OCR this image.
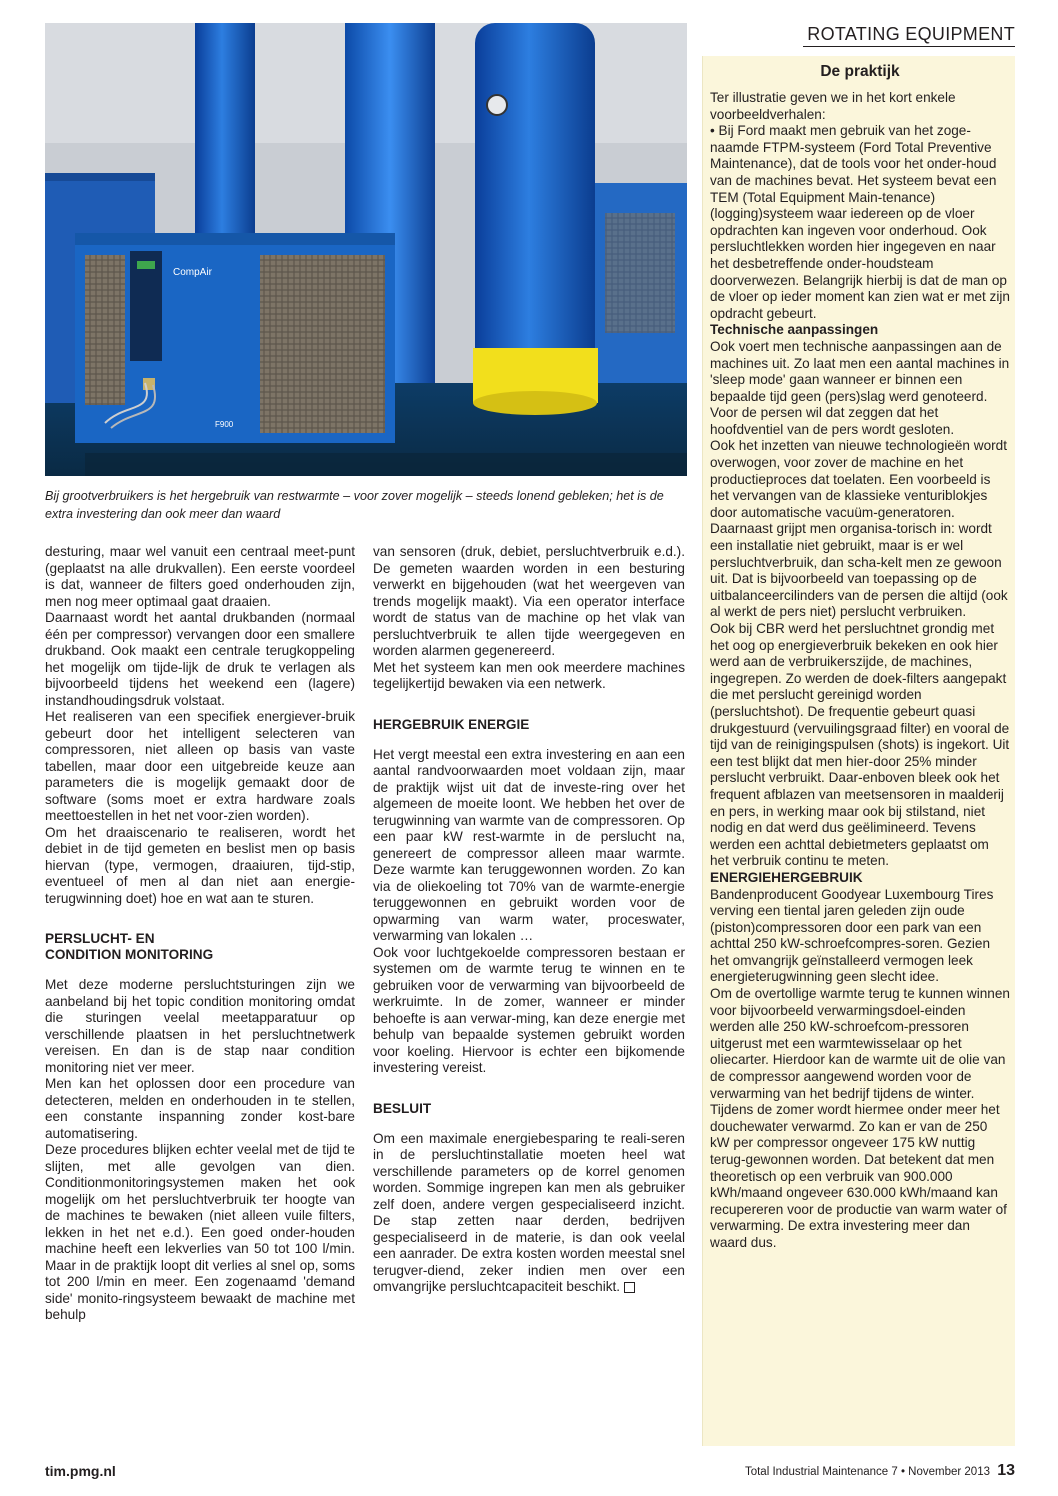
ROTATING EQUIPMENT
CompAir
F900
Bij grootverbruikers is het hergebruik van restwarmte – voor zover mogelijk – steeds lonend gebleken; het is de extra investering dan ook meer dan waard

desturing, maar wel vanuit een centraal meet-punt (geplaatst na alle drukvallen). Een eerste voordeel is dat, wanneer de filters goed onderhouden zijn, men nog meer optimaal gaat draaien.

Daarnaast wordt het aantal drukbanden (normaal één per compressor) vervangen door een smallere drukband. Ook maakt een centrale terugkoppeling het mogelijk om tijde-lijk de druk te verlagen als bijvoorbeeld tijdens het weekend een (lagere) instandhoudingsdruk volstaat.

Het realiseren van een specifiek energiever-bruik gebeurt door het intelligent selecteren van compressoren, niet alleen op basis van vaste tabellen, maar door een uitgebreide keuze aan parameters die is mogelijk gemaakt door de software (soms moet er extra hardware zoals meettoestellen in het net voor-zien worden).

Om het draaiscenario te realiseren, wordt het debiet in de tijd gemeten en beslist men op basis hiervan (type, vermogen, draaiuren, tijd-stip, eventueel of men al dan niet aan energie-terugwinning doet) hoe en wat aan te sturen.

PERSLUCHT- EN
CONDITION MONITORING

Met deze moderne persluchtsturingen zijn we aanbeland bij het topic condition monitoring omdat die sturingen veelal meetapparatuur op verschillende plaatsen in het persluchtnetwerk vereisen. En dan is de stap naar condition monitoring niet ver meer.

Men kan het oplossen door een procedure van detecteren, melden en onderhouden in te stellen, een constante inspanning zonder kost-bare automatisering.

Deze procedures blijken echter veelal met de tijd te slijten, met alle gevolgen van dien. Conditionmonitoringsystemen maken het ook mogelijk om het persluchtverbruik ter hoogte van de machines te bewaken (niet alleen vuile filters, lekken in het net e.d.). Een goed onder-houden machine heeft een lekverlies van 50 tot 100 l/min. Maar in de praktijk loopt dit verlies al snel op, soms tot 200 l/min en meer. Een zogenaamd 'demand side' monito-ringsysteem bewaakt de machine met behulp

van sensoren (druk, debiet, persluchtverbruik e.d.). De gemeten waarden worden in een besturing verwerkt en bijgehouden (wat het weergeven van trends mogelijk maakt). Via een operator interface wordt de status van de machine op het vlak van persluchtverbruik te allen tijde weergegeven en worden alarmen gegenereerd.

Met het systeem kan men ook meerdere machines tegelijkertijd bewaken via een netwerk.

HERGEBRUIK ENERGIE

Het vergt meestal een extra investering en aan een aantal randvoorwaarden moet voldaan zijn, maar de praktijk wijst uit dat de investe-ring over het algemeen de moeite loont. We hebben het over de terugwinning van warmte van de compressoren. Op een paar kW rest-warmte in de perslucht na, genereert de compressor alleen maar warmte. Deze warmte kan teruggewonnen worden. Zo kan via de oliekoeling tot 70% van de warmte-energie teruggewonnen en gebruikt worden voor de opwarming van warm water, proceswater, verwarming van lokalen …

Ook voor luchtgekoelde compressoren bestaan er systemen om de warmte terug te winnen en te gebruiken voor de verwarming van bijvoorbeeld de werkruimte. In de zomer, wanneer er minder behoefte is aan verwar-ming, kan deze energie met behulp van bepaalde systemen gebruikt worden voor koeling. Hiervoor is echter een bijkomende investering vereist.

BESLUIT

Om een maximale energiebesparing te reali-seren in de persluchtinstallatie moeten heel wat verschillende parameters op de korrel genomen worden. Sommige ingrepen kan men als gebruiker zelf doen, andere vergen gespecialiseerd inzicht. De stap zetten naar derden, bedrijven gespecialiseerd in de materie, is dan ook veelal een aanrader. De extra kosten worden meestal snel terugver-diend, zeker indien men over een omvangrijke persluchtcapaciteit beschikt.

De praktijk

Ter illustratie geven we in het kort enkele voorbeeldverhalen:

• Bij Ford maakt men gebruik van het zoge-naamde FTPM-systeem (Ford Total Preventive Maintenance), dat de tools voor het onder-houd van de machines bevat. Het systeem bevat een TEM (Total Equipment Main-tenance) (logging)systeem waar iedereen op de vloer opdrachten kan ingeven voor onderhoud. Ook persluchtlekken worden hier ingegeven en naar het desbetreffende onder-houdsteam doorverwezen. Belangrijk hierbij is dat de man op de vloer op ieder moment kan zien wat er met zijn opdracht gebeurt.

Technische aanpassingen

Ook voert men technische aanpassingen aan de machines uit. Zo laat men een aantal machines in 'sleep mode' gaan wanneer er binnen een bepaalde tijd geen (pers)slag werd genoteerd. Voor de persen wil dat zeggen dat het hoofdventiel van de pers wordt gesloten.

Ook het inzetten van nieuwe technologieën wordt overwogen, voor zover de machine en het productieproces dat toelaten. Een voorbeeld is het vervangen van de klassieke venturiblokjes door automatische vacuüm-generatoren. Daarnaast grijpt men organisa-torisch in: wordt een installatie niet gebruikt, maar is er wel persluchtverbruik, dan scha-kelt men ze gewoon uit. Dat is bijvoorbeeld van toepassing op de uitbalanceercilinders van de persen die altijd (ook al werkt de pers niet) perslucht verbruiken.

Ook bij CBR werd het persluchtnet grondig met het oog op energieverbruik bekeken en ook hier werd aan de verbruikerszijde, de machines, ingegrepen. Zo werden de doek-filters aangepakt die met perslucht gereinigd worden (persluchtshot). De frequentie gebeurt quasi drukgestuurd (vervuilingsgraad filter) en vooral de tijd van de reinigingspulsen (shots) is ingekort. Uit een test blijkt dat men hier-door 25% minder perslucht verbruikt. Daar-enboven bleek ook het frequent afblazen van meetsensoren in maalderij en pers, in werking maar ook bij stilstand, niet nodig en dat werd dus geëlimineerd. Tevens werden een achttal debietmeters geplaatst om het verbruik continu te meten.

ENERGIEHERGEBRUIK

Bandenproducent Goodyear Luxembourg Tires verving een tiental jaren geleden zijn oude (piston)compressoren door een park van een achttal 250 kW-schroefcompres-soren. Gezien het omvangrijk geïnstalleerd vermogen leek energieterugwinning geen slecht idee.

Om de overtollige warmte terug te kunnen winnen voor bijvoorbeeld verwarmingsdoel-einden werden alle 250 kW-schroefcom-pressoren uitgerust met een warmtewisselaar op het oliecarter. Hierdoor kan de warmte uit de olie van de compressor aangewend worden voor de verwarming van het bedrijf tijdens de winter. Tijdens de zomer wordt hiermee onder meer het douchewater verwarmd. Zo kan er van de 250 kW per compressor ongeveer 175 kW nuttig terug-gewonnen worden. Dat betekent dat men theoretisch op een verbruik van 900.000 kWh/maand ongeveer 630.000 kWh/maand kan recupereren voor de productie van warm water of verwarming. De extra investering meer dan waard dus.

tim.pmg.nl	Total Industrial Maintenance 7 • November 2013 13
